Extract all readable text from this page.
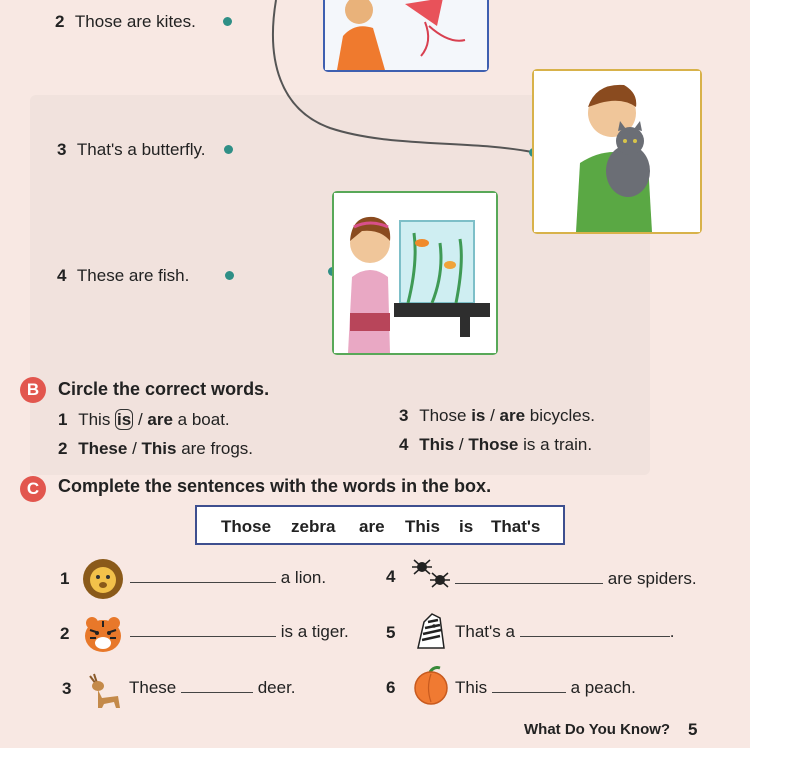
2 Those are kites.
3 That's a butterfly.
4 These are fish.
B	Circle the correct words.
1 This is / are a boat.
2 These / This are frogs.
3 Those is / are bicycles.
4 This / Those is a train.
C	Complete the sentences with the words in the box.
Those zebra are This is That's
1	a lion.
2	is a tiger.
3	These	deer.
4	are spiders.
5	That's a	.
6	This	a peach.
What Do You Know? 5
